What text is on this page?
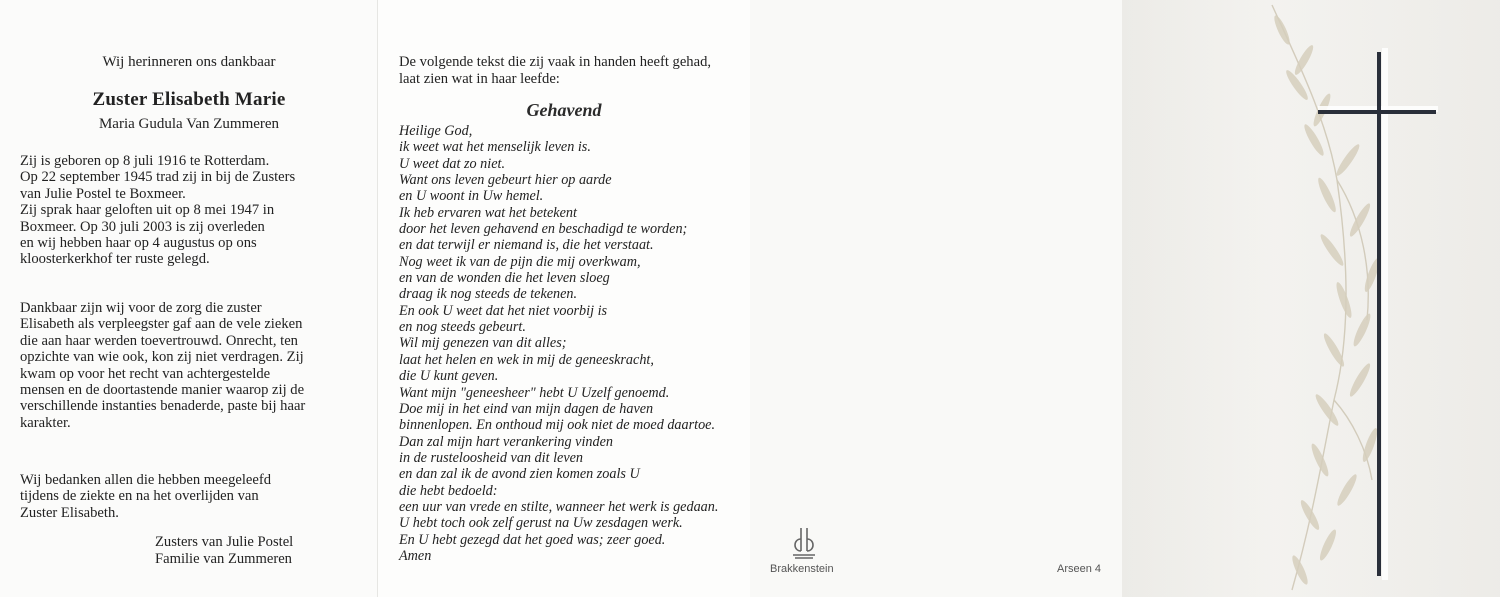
Wij herinneren ons dankbaar
Zuster Elisabeth Marie
Maria Gudula Van Zummeren
Zij is geboren op 8 juli 1916 te Rotterdam.
Op 22 september 1945 trad zij in bij de Zusters
van Julie Postel te Boxmeer.
Zij sprak haar geloften uit op 8 mei 1947 in
Boxmeer. Op 30 juli 2003 is zij overleden
en wij hebben haar op 4 augustus op ons
kloosterkerkhof ter ruste gelegd.
Dankbaar zijn wij voor de zorg die zuster
Elisabeth als verpleegster gaf aan de vele zieken
die aan haar werden toevertrouwd. Onrecht, ten
opzichte van wie ook, kon zij niet verdragen. Zij
kwam op voor het recht van achtergestelde
mensen en de doortastende manier waarop zij de
verschillende instanties benaderde, paste bij haar
karakter.
Wij bedanken allen die hebben meegeleefd
tijdens de ziekte en na het overlijden van
Zuster Elisabeth.
Zusters van Julie Postel
Familie van Zummeren
De volgende tekst die zij vaak in handen heeft gehad,
laat zien wat in haar leefde:
Gehavend
Heilige God,
ik weet wat het menselijk leven is.
U weet dat zo niet.
Want ons leven gebeurt hier op aarde
en U woont in Uw hemel.
Ik heb ervaren wat het betekent
door het leven gehavend en beschadigd te worden;
en dat terwijl er niemand is, die het verstaat.
Nog weet ik van de pijn die mij overkwam,
en van de wonden die het leven sloeg
draag ik nog steeds de tekenen.
En ook U weet dat het niet voorbij is
en nog steeds gebeurt.
Wil mij genezen van dit alles;
laat het helen en wek in mij de geneeskracht,
die U kunt geven.
Want mijn "geneesheer" hebt U Uzelf genoemd.
Doe mij in het eind van mijn dagen de haven
binnenlopen. En onthoud mij ook niet de moed daartoe.
Dan zal mijn hart verankering vinden
in de rusteloosheid van dit leven
en dan zal ik de avond zien komen zoals U
die hebt bedoeld:
een uur van vrede en stilte, wanneer het werk is gedaan.
U hebt toch ook zelf gerust na Uw zesdagen werk.
En U hebt gezegd dat het goed was; zeer goed.
Amen
Brakkenstein	Arseen 4
